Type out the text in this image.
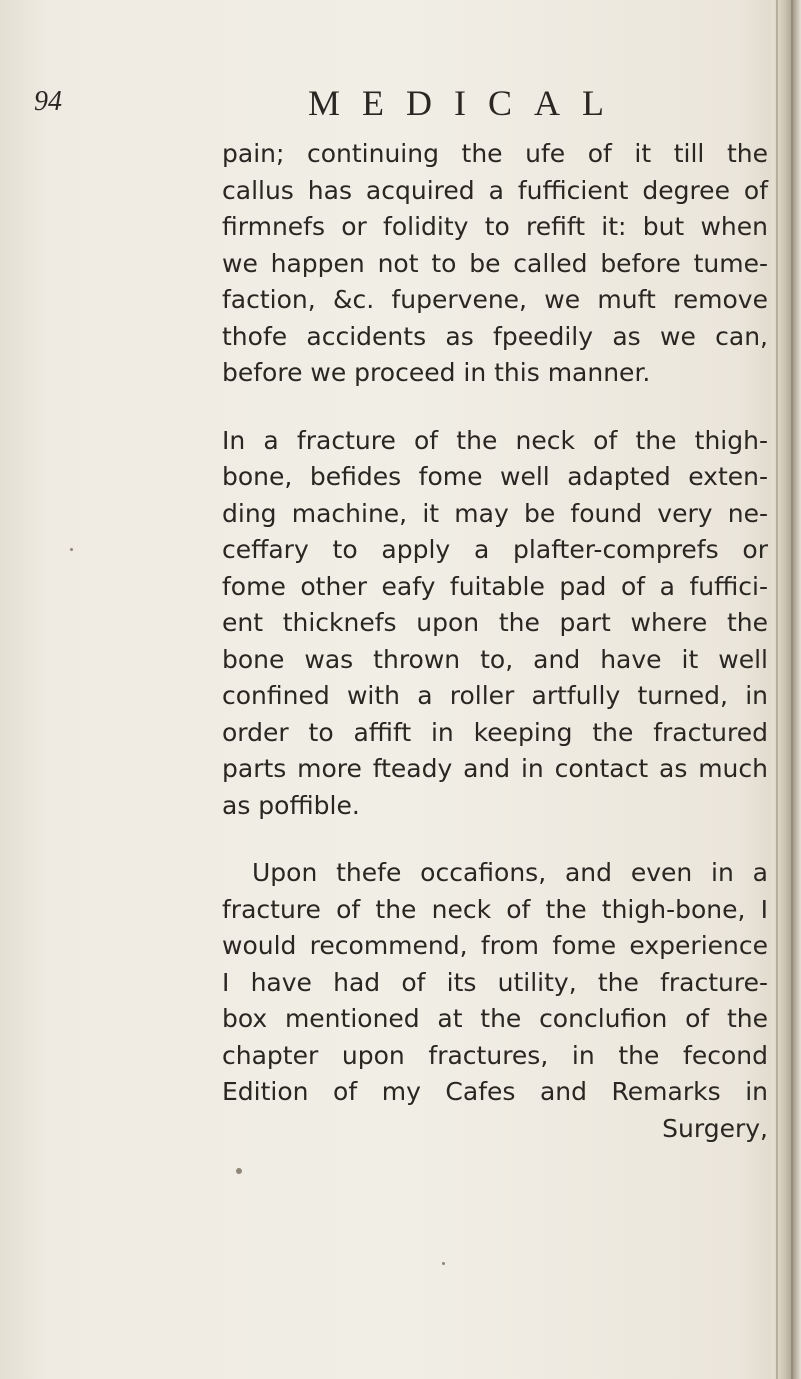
94	MEDICAL
pain; continuing the ufe of it till the
callus has acquired a fufficient degree of
firmnefs or folidity to refift it: but when
we happen not to be called before tume-
faction, &c. fupervene, we muft remove
thofe accidents as fpeedily as we can,
before we proceed in this manner.
In a fracture of the neck of the thigh-
bone, befides fome well adapted exten-
ding machine, it may be found very ne-
ceffary to apply a plafter-comprefs or
fome other eafy fuitable pad of a fuffici-
ent thicknefs upon the part where the
bone was thrown to, and have it well
confined with a roller artfully turned, in
order to affift in keeping the fractured
parts more fteady and in contact as much
as poffible.
Upon thefe occafions, and even in a
fracture of the neck of the thigh-bone, I
would recommend, from fome experience
I have had of its utility, the fracture-
box mentioned at the conclufion of the
chapter upon fractures, in the fecond
Edition of my Cafes and Remarks in
Surgery,
